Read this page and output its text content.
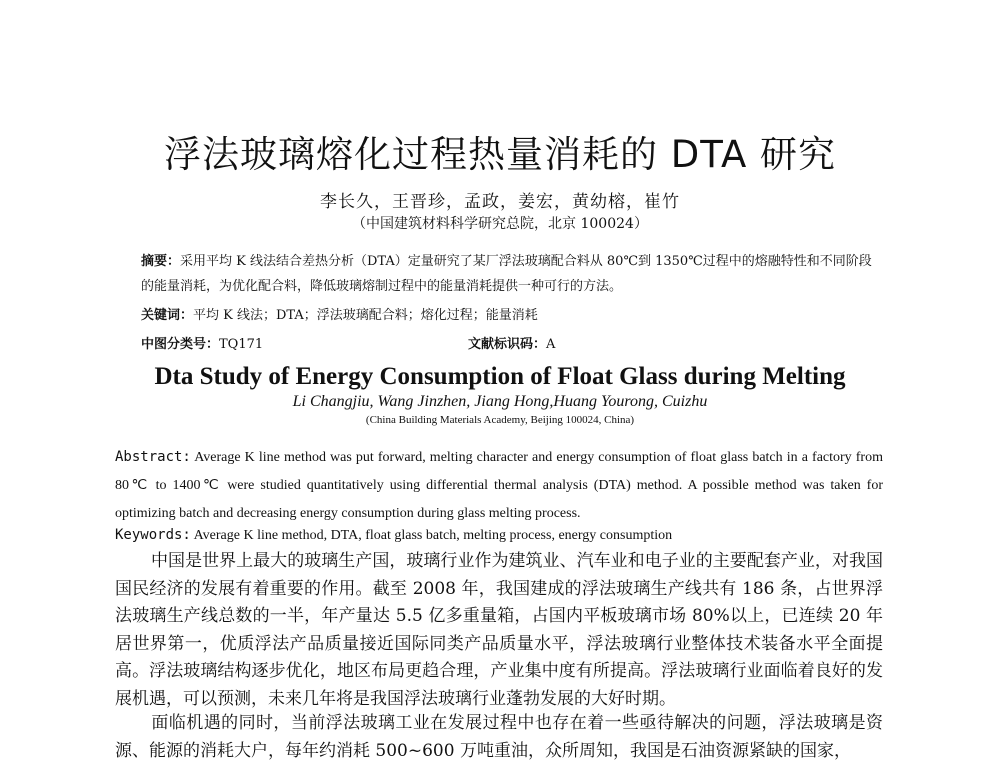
浮法玻璃熔化过程热量消耗的 DTA 研究
李长久，王晋珍，孟政，姜宏，黄幼榕，崔竹
（中国建筑材料科学研究总院，北京 100024）
摘要：采用平均 K 线法结合差热分析（DTA）定量研究了某厂浮法玻璃配合料从 80℃到 1350℃过程中的熔融特性和不同阶段的能量消耗，为优化配合料，降低玻璃熔制过程中的能量消耗提供一种可行的方法。
关键词：平均 K 线法；DTA；浮法玻璃配合料；熔化过程；能量消耗
中图分类号：TQ171	文献标识码：A
Dta Study of Energy Consumption of Float Glass during Melting
Li Changjiu, Wang Jinzhen, Jiang Hong,Huang Yourong, Cuizhu
(China Building Materials Academy, Beijing 100024, China)
Abstract: Average K line method was put forward, melting character and energy consumption of float glass batch in a factory from 80℃ to 1400℃ were studied quantitatively using differential thermal analysis (DTA) method. A possible method was taken for optimizing batch and decreasing energy consumption during glass melting process.
Keywords: Average K line method, DTA, float glass batch, melting process, energy consumption
中国是世界上最大的玻璃生产国，玻璃行业作为建筑业、汽车业和电子业的主要配套产业，对我国国民经济的发展有着重要的作用。截至 2008 年，我国建成的浮法玻璃生产线共有 186 条，占世界浮法玻璃生产线总数的一半，年产量达 5.5 亿多重量箱，占国内平板玻璃市场 80%以上，已连续 20 年居世界第一，优质浮法产品质量接近国际同类产品质量水平，浮法玻璃行业整体技术装备水平全面提高。浮法玻璃结构逐步优化，地区布局更趋合理，产业集中度有所提高。浮法玻璃行业面临着良好的发展机遇，可以预测，未来几年将是我国浮法玻璃行业蓬勃发展的大好时期。
面临机遇的同时，当前浮法玻璃工业在发展过程中也存在着一些亟待解决的问题，浮法玻璃是资源、能源的消耗大户，每年约消耗 500~600 万吨重油，众所周知，我国是石油资源紧缺的国家，
